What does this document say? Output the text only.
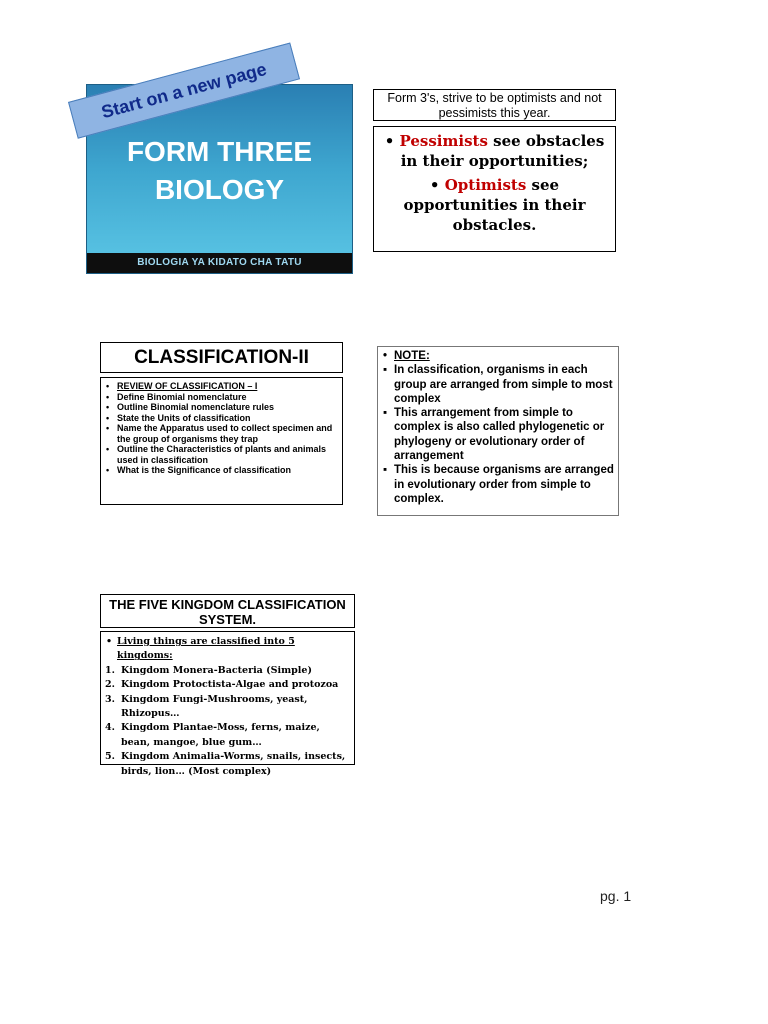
FORM THREE
BIOLOGY
BIOLOGIA YA KIDATO CHA TATU
Start on a new page	Form 3's, strive to be optimists and not pessimists this year.
• Pessimists see obstacles in their opportunities;
• Optimists see opportunities in their obstacles.
CLASSIFICATION-II
• REVIEW OF CLASSIFICATION – I
• Define Binomial nomenclature
• Outline Binomial nomenclature rules
• State the Units of classification
• Name the Apparatus used to collect specimen and the group of organisms they trap
• Outline the Characteristics of plants and animals used in classification
• What is the Significance of classification
• NOTE:
▪ In classification, organisms in each group are arranged from simple to most complex
▪ This arrangement from simple to complex is also called phylogenetic or phylogeny or evolutionary order of arrangement
▪ This is because organisms are arranged in evolutionary order from simple to complex.
THE FIVE KINGDOM CLASSIFICATION SYSTEM.
• Living things are classified into 5 kingdoms:
1. Kingdom Monera-Bacteria (Simple)
2. Kingdom Protoctista-Algae and protozoa
3. Kingdom Fungi-Mushrooms, yeast, Rhizopus…
4. Kingdom Plantae-Moss, ferns, maize, bean, mangoe, blue gum…
5. Kingdom Animalia-Worms, snails, insects, birds, lion… (Most complex)
pg. 1
